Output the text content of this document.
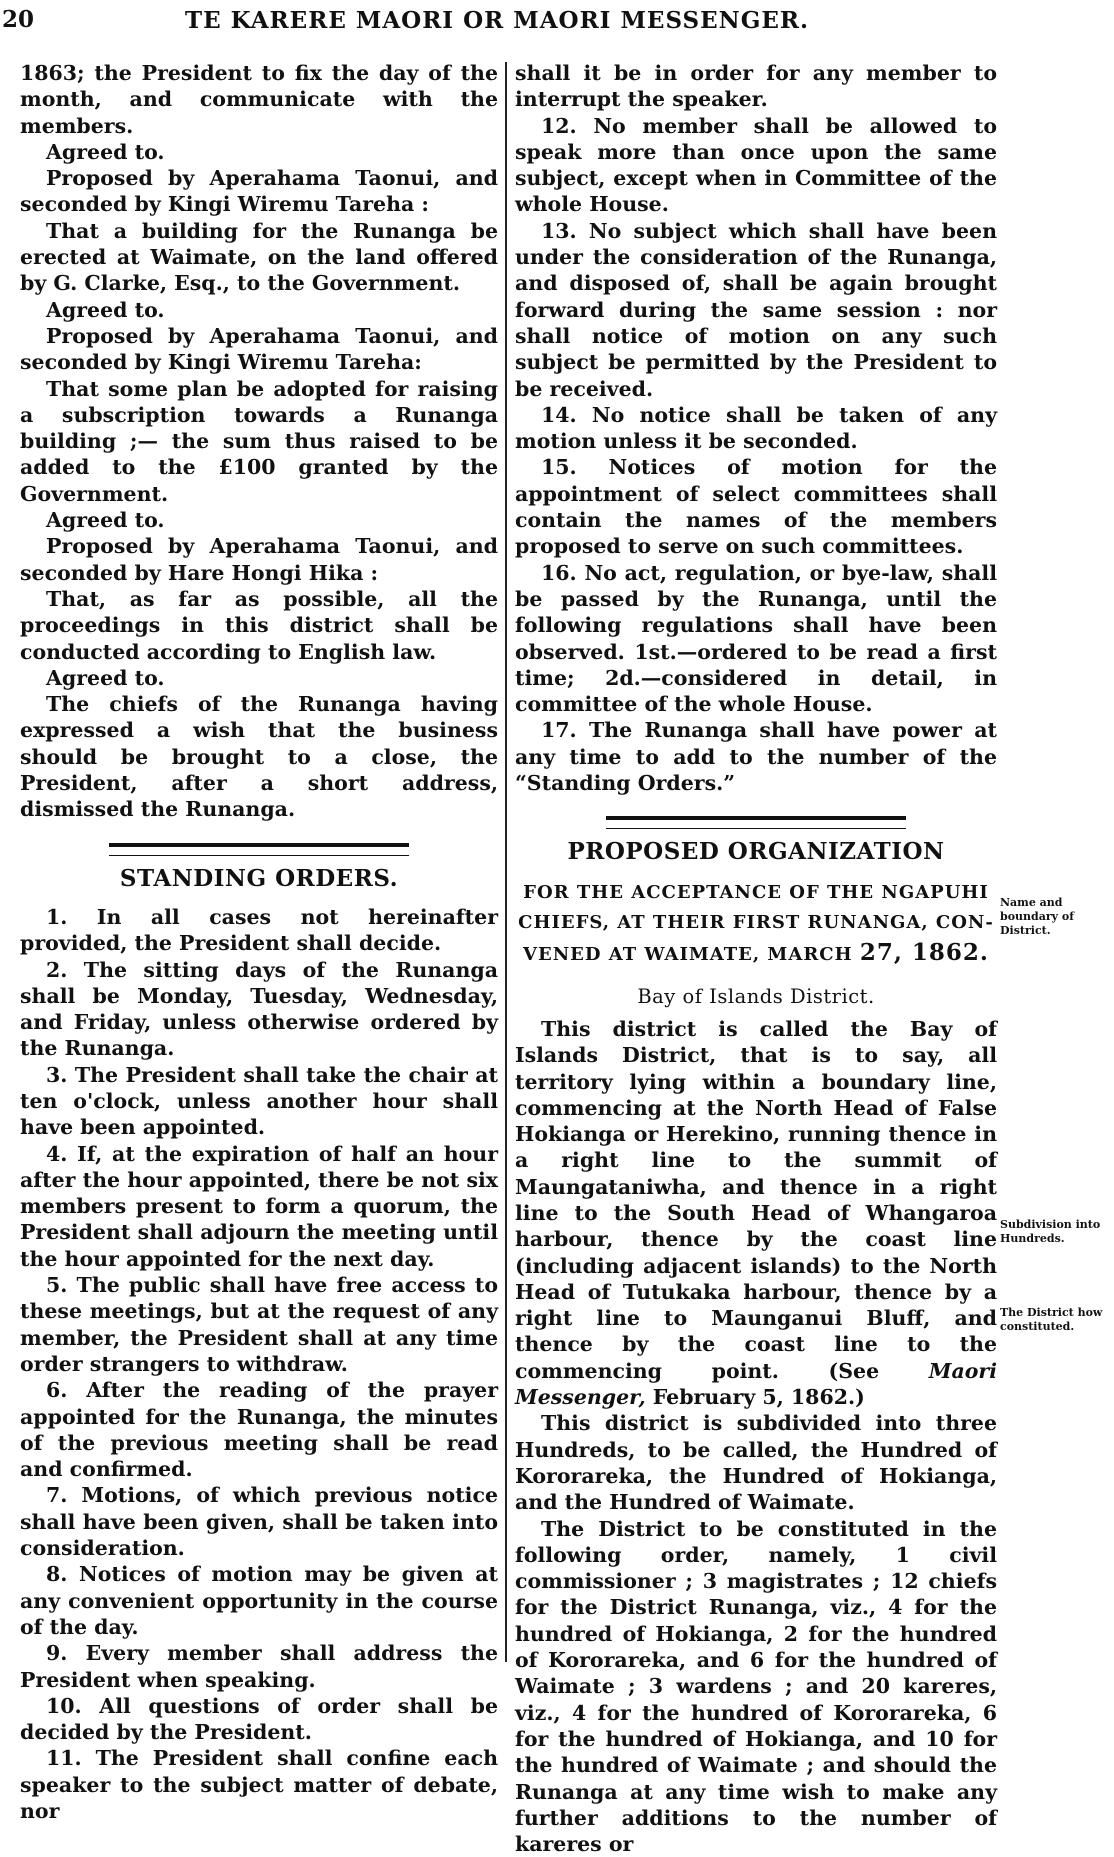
20	TE KARERE MAORI OR MAORI MESSENGER.

1863; the President to fix the day of the month, and communicate with the members.

Agreed to.

Proposed by Aperahama Taonui, and seconded by Kingi Wiremu Tareha :

That a building for the Runanga be erected at Waimate, on the land offered by G. Clarke, Esq., to the Government.

Agreed to.

Proposed by Aperahama Taonui, and seconded by Kingi Wiremu Tareha:

That some plan be adopted for raising a subscription towards a Runanga building ;— the sum thus raised to be added to the £100 granted by the Government.

Agreed to.

Proposed by Aperahama Taonui, and seconded by Hare Hongi Hika :

That, as far as possible, all the proceedings in this district shall be conducted according to English law.

Agreed to.

The chiefs of the Runanga having expressed a wish that the business should be brought to a close, the President, after a short address, dismissed the Runanga.

STANDING ORDERS.

1. In all cases not hereinafter provided, the President shall decide.

2. The sitting days of the Runanga shall be Monday, Tuesday, Wednesday, and Friday, unless otherwise ordered by the Runanga.

3. The President shall take the chair at ten o'clock, unless another hour shall have been appointed.

4. If, at the expiration of half an hour after the hour appointed, there be not six members present to form a quorum, the President shall adjourn the meeting until the hour appointed for the next day.

5. The public shall have free access to these meetings, but at the request of any member, the President shall at any time order strangers to withdraw.

6. After the reading of the prayer appointed for the Runanga, the minutes of the previous meeting shall be read and confirmed.

7. Motions, of which previous notice shall have been given, shall be taken into consideration.

8. Notices of motion may be given at any convenient opportunity in the course of the day.

9. Every member shall address the President when speaking.

10. All questions of order shall be decided by the President.

11. The President shall confine each speaker to the subject matter of debate, nor

shall it be in order for any member to interrupt the speaker.

12. No member shall be allowed to speak more than once upon the same subject, except when in Committee of the whole House.

13. No subject which shall have been under the consideration of the Runanga, and disposed of, shall be again brought forward during the same session : nor shall notice of motion on any such subject be permitted by the President to be received.

14. No notice shall be taken of any motion unless it be seconded.

15. Notices of motion for the appointment of select committees shall contain the names of the members proposed to serve on such committees.

16. No act, regulation, or bye-law, shall be passed by the Runanga, until the following regulations shall have been observed. 1st.—ordered to be read a first time; 2d.—considered in detail, in committee of the whole House.

17. The Runanga shall have power at any time to add to the number of the “Standing Orders.”

PROPOSED ORGANIZATION
FOR THE ACCEPTANCE OF THE NGAPUHI
CHIEFS, AT THEIR FIRST RUNANGA, CON-
VENED AT WAIMATE, MARCH 27, 1862.
Bay of Islands District.

This district is called the Bay of Islands District, that is to say, all territory lying within a boundary line, commencing at the North Head of False Hokianga or Herekino, running thence in a right line to the summit of Maungataniwha, and thence in a right line to the South Head of Whangaroa harbour, thence by the coast line (including adjacent islands) to the North Head of Tutukaka harbour, thence by a right line to Maunganui Bluff, and thence by the coast line to the commencing point. (See Maori Messenger, February 5, 1862.)

This district is subdivided into three Hundreds, to be called, the Hundred of Kororareka, the Hundred of Hokianga, and the Hundred of Waimate.

The District to be constituted in the following order, namely, 1 civil commissioner ; 3 magistrates ; 12 chiefs for the District Runanga, viz., 4 for the hundred of Hokianga, 2 for the hundred of Kororareka, and 6 for the hundred of Waimate ; 3 wardens ; and 20 kareres, viz., 4 for the hundred of Kororareka, 6 for the hundred of Hokianga, and 10 for the hundred of Waimate ; and should the Runanga at any time wish to make any further additions to the number of kareres or

Name and boundary of District.
Subdivision into Hundreds.
The District how constituted.
